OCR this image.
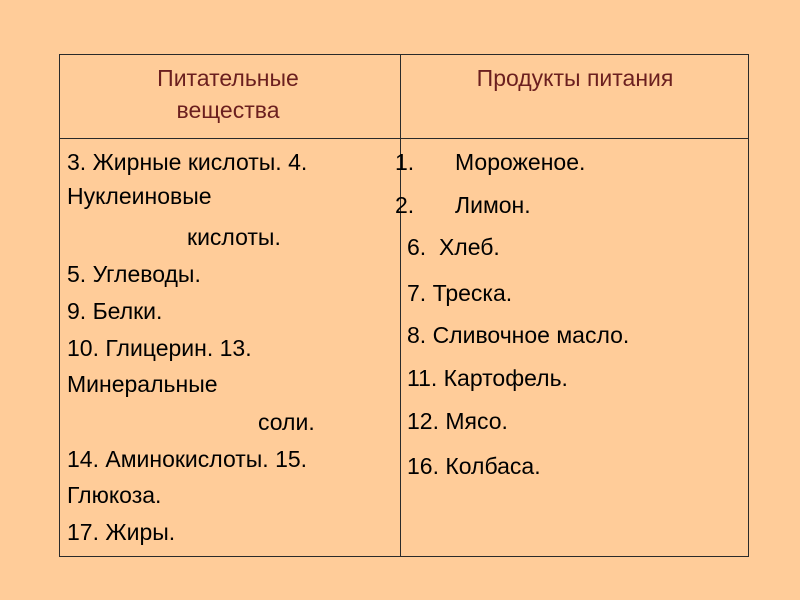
Питательные
вещества
Продукты питания
3. Жирные кислоты. 4.
Нуклеиновые
кислоты.
5. Углеводы.
9. Белки.
10. Глицерин. 13.
Минеральные
соли.
14. Аминокислоты. 15.
Глюкоза.
17. Жиры.
1. Мороженое.
2. Лимон.
6.  Хлеб.
7. Треска.
8. Сливочное масло.
11. Картофель.
12. Мясо.
16. Колбаса.
